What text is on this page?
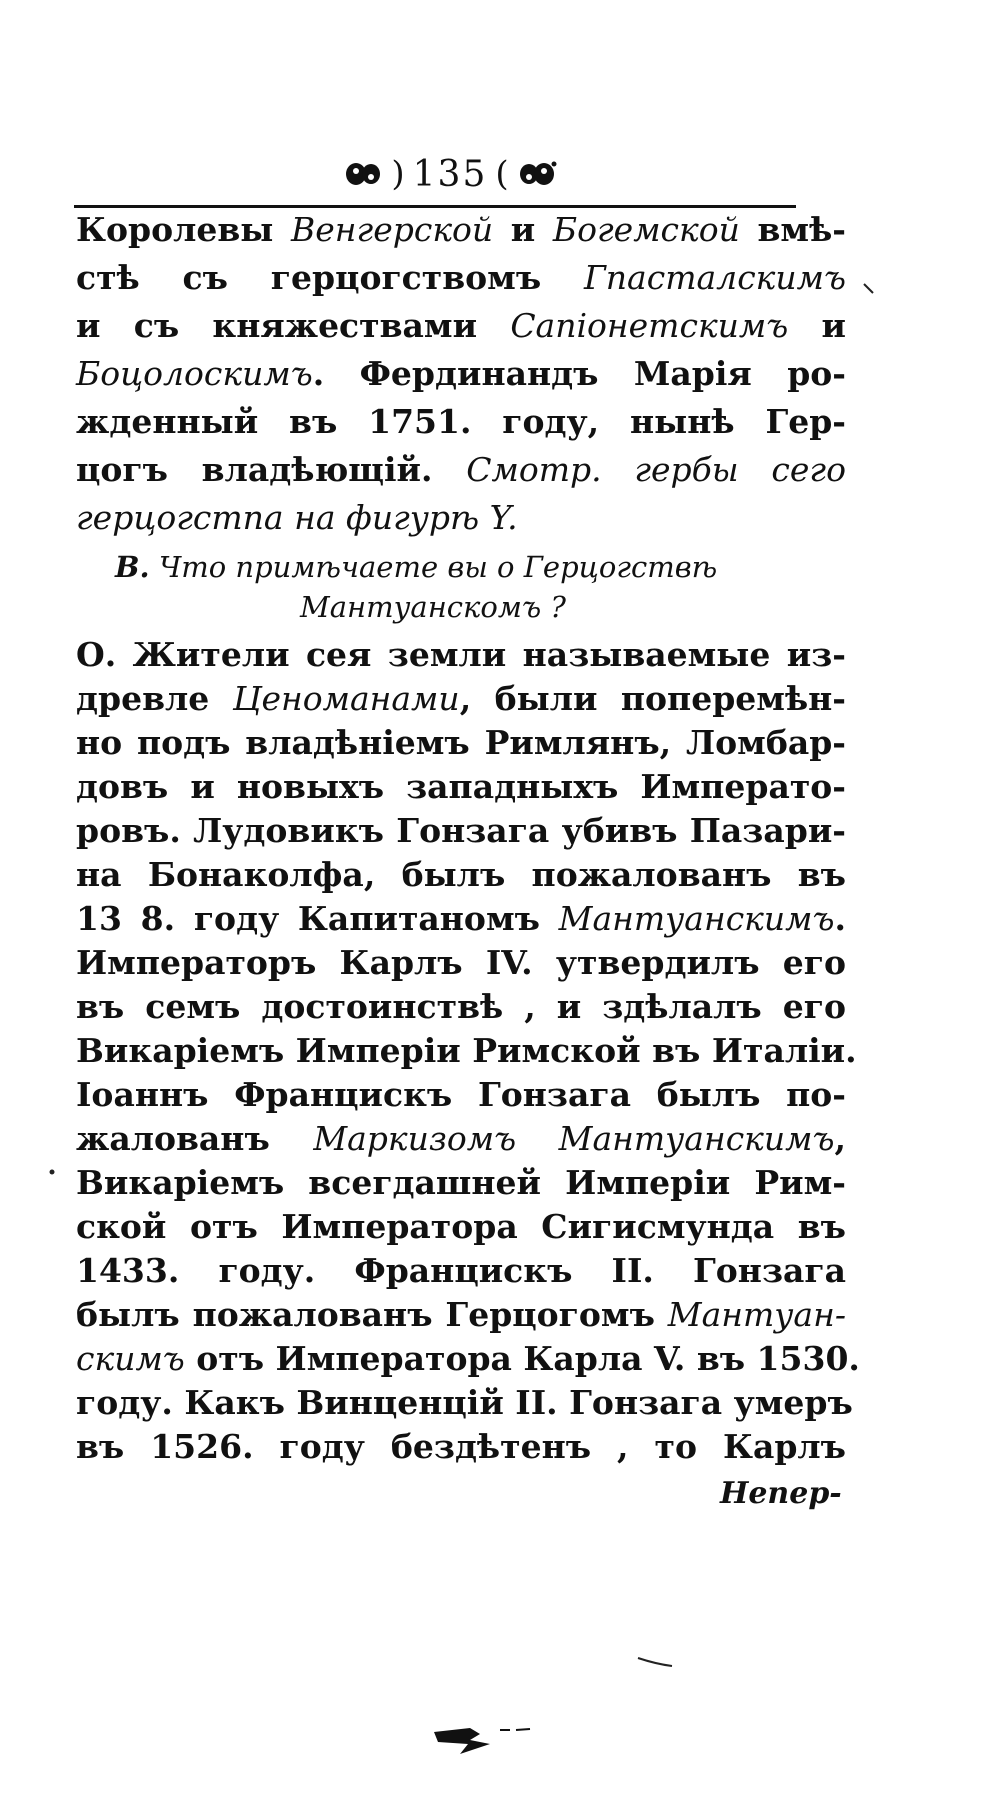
) 135 (
Королевы Венгерской и Богемской вмѣ-
стѣ съ герцогствомъ Гпасталскимъ
и съ княжествами Сапіонетскимъ и
Боцолоскимъ. Фердинандъ Марія ро-
жденный въ 1751. году, нынѣ Гер-
цогъ владѣющій. Смотр. гербы сего
герцогстпа на фигурѣ Y.
В. Что примѣчаете вы о Герцогствѣ
Мантуанскомъ ?
О. Жители сея земли называемые из-
древле Ценоманами, были поперемѣн-
но подъ владѣніемъ Римлянъ, Ломбар-
довъ и новыхъ западныхъ Императо-
ровъ. Лудовикъ Гонзага убивъ Пазари-
на Бонаколфа, былъ пожалованъ въ
13 8. году Капитаномъ Мантуанскимъ.
Императоръ Карлъ IV. утвердилъ его
въ семъ достоинствѣ , и здѣлалъ его
Викаріемъ Имперіи Римской въ Италіи.
Іоаннъ Францискъ Гонзага былъ по-
жалованъ Маркизомъ Мантуанскимъ,
Викаріемъ всегдашней Имперіи Рим-
ской отъ Императора Сигисмунда въ
1433. году. Францискъ II. Гонзага
былъ пожалованъ Герцогомъ Мантуан-
скимъ отъ Императора Карла V. въ 1530.
году. Какъ Винценцій II. Гонзага умеръ
въ 1526. году бездѣтенъ , то Карлъ
Непер-
